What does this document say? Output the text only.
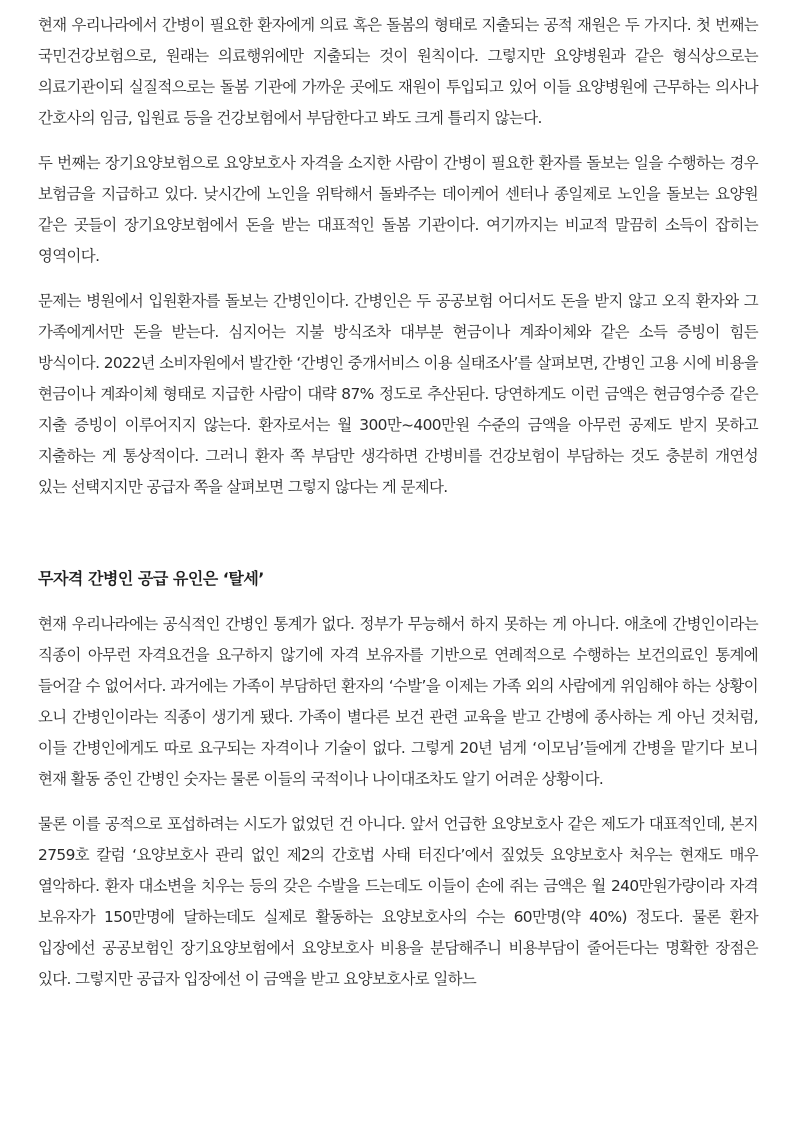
현재 우리나라에서 간병이 필요한 환자에게 의료 혹은 돌봄의 형태로 지출되는 공적 재원은 두 가지다. 첫 번째는 국민건강보험으로, 원래는 의료행위에만 지출되는 것이 원칙이다. 그렇지만 요양병원과 같은 형식상으로는 의료기관이되 실질적으로는 돌봄 기관에 가까운 곳에도 재원이 투입되고 있어 이들 요양병원에 근무하는 의사나 간호사의 임금, 입원료 등을 건강보험에서 부담한다고 봐도 크게 틀리지 않는다.

두 번째는 장기요양보험으로 요양보호사 자격을 소지한 사람이 간병이 필요한 환자를 돌보는 일을 수행하는 경우 보험금을 지급하고 있다. 낮시간에 노인을 위탁해서 돌봐주는 데이케어 센터나 종일제로 노인을 돌보는 요양원 같은 곳들이 장기요양보험에서 돈을 받는 대표적인 돌봄 기관이다. 여기까지는 비교적 말끔히 소득이 잡히는 영역이다.

문제는 병원에서 입원환자를 돌보는 간병인이다. 간병인은 두 공공보험 어디서도 돈을 받지 않고 오직 환자와 그 가족에게서만 돈을 받는다. 심지어는 지불 방식조차 대부분 현금이나 계좌이체와 같은 소득 증빙이 힘든 방식이다. 2022년 소비자원에서 발간한 ‘간병인 중개서비스 이용 실태조사’를 살펴보면, 간병인 고용 시에 비용을 현금이나 계좌이체 형태로 지급한 사람이 대략 87% 정도로 추산된다. 당연하게도 이런 금액은 현금영수증 같은 지출 증빙이 이루어지지 않는다. 환자로서는 월 300만~400만원 수준의 금액을 아무런 공제도 받지 못하고 지출하는 게 통상적이다. 그러니 환자 쪽 부담만 생각하면 간병비를 건강보험이 부담하는 것도 충분히 개연성 있는 선택지지만 공급자 쪽을 살펴보면 그렇지 않다는 게 문제다.

무자격 간병인 공급 유인은 ‘탈세’

현재 우리나라에는 공식적인 간병인 통계가 없다. 정부가 무능해서 하지 못하는 게 아니다. 애초에 간병인이라는 직종이 아무런 자격요건을 요구하지 않기에 자격 보유자를 기반으로 연례적으로 수행하는 보건의료인 통계에 들어갈 수 없어서다. 과거에는 가족이 부담하던 환자의 ‘수발’을 이제는 가족 외의 사람에게 위임해야 하는 상황이 오니 간병인이라는 직종이 생기게 됐다. 가족이 별다른 보건 관련 교육을 받고 간병에 종사하는 게 아닌 것처럼, 이들 간병인에게도 따로 요구되는 자격이나 기술이 없다. 그렇게 20년 넘게 ‘이모님’들에게 간병을 맡기다 보니 현재 활동 중인 간병인 숫자는 물론 이들의 국적이나 나이대조차도 알기 어려운 상황이다.

물론 이를 공적으로 포섭하려는 시도가 없었던 건 아니다. 앞서 언급한 요양보호사 같은 제도가 대표적인데, 본지 2759호 칼럼 ‘요양보호사 관리 없인 제2의 간호법 사태 터진다’에서 짚었듯 요양보호사 처우는 현재도 매우 열악하다. 환자 대소변을 치우는 등의 갖은 수발을 드는데도 이들이 손에 쥐는 금액은 월 240만원가량이라 자격 보유자가 150만명에 달하는데도 실제로 활동하는 요양보호사의 수는 60만명(약 40%) 정도다. 물론 환자 입장에선 공공보험인 장기요양보험에서 요양보호사 비용을 분담해주니 비용부담이 줄어든다는 명확한 장점은 있다. 그렇지만 공급자 입장에선 이 금액을 받고 요양보호사로 일하느
